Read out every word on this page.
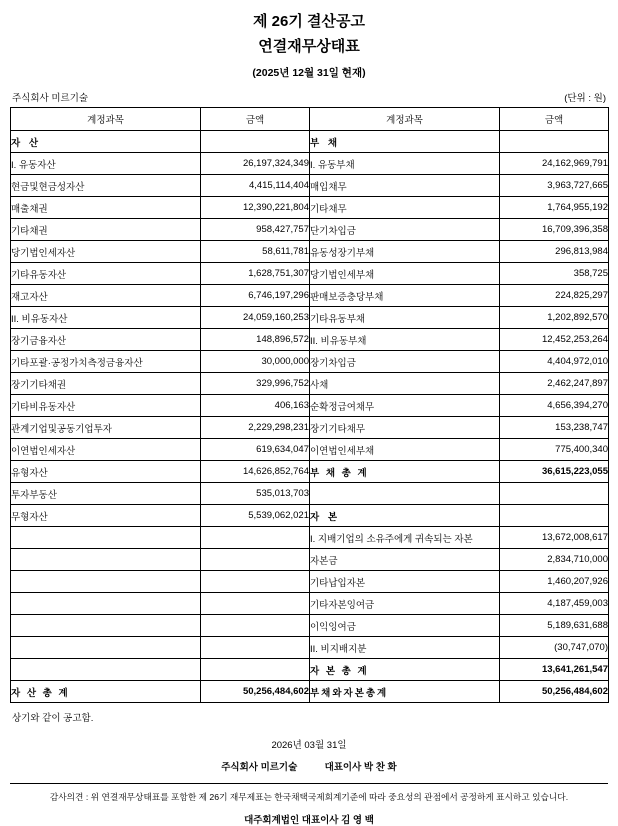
제 26기 결산공고
연결재무상태표
(2025년 12월 31일 현재)
주식회사 미르기술	(단위 : 원)
계정과목	금액	계정과목	금액
자 산		부 채	
I. 유동자산	26,197,324,349	I. 유동부채	24,162,969,791
현금및현금성자산	4,415,114,404	매입채무	3,963,727,665
매출채권	12,390,221,804	기타채무	1,764,955,192
기타채권	958,427,757	단기차입금	16,709,396,358
당기법인세자산	58,611,781	유동성장기부채	296,813,984
기타유동자산	1,628,751,307	당기법인세부채	358,725
재고자산	6,746,197,296	판매보증충당부채	224,825,297
II. 비유동자산	24,059,160,253	기타유동부채	1,202,892,570
장기금융자산	148,896,572	II. 비유동부채	12,452,253,264
기타포괄·공정가치측정금융자산	30,000,000	장기차입금	4,404,972,010
장기기타채권	329,996,752	사채	2,462,247,897
기타비유동자산	406,163	순확정급여채무	4,656,394,270
관계기업및공동기업투자	2,229,298,231	장기기타채무	153,238,747
이연법인세자산	619,634,047	이연법인세부채	775,400,340
유형자산	14,626,852,764	부 채 총 계	36,615,223,055
투자부동산	535,013,703		
무형자산	5,539,062,021	자 본	
		I. 지배기업의 소유주에게 귀속되는 자본	13,672,008,617
		자본금	2,834,710,000
		기타납입자본	1,460,207,926
		기타자본잉여금	4,187,459,003
		이익잉여금	5,189,631,688
		II. 비지배지분	(30,747,070)
		자 본 총 계	13,641,261,547
자 산 총 계	50,256,484,602	부채와자본총계	50,256,484,602
상기와 같이 공고함.
2026년 03월 31일
주식회사 미르기술	대표이사 박 찬 화
감사의견 : 위 연결재무상태표를 포함한 제 26기 재무제표는 한국채택국제회계기준에 따라 중요성의 관점에서 공정하게 표시하고 있습니다.
대주회계법인 대표이사 김 영 백
